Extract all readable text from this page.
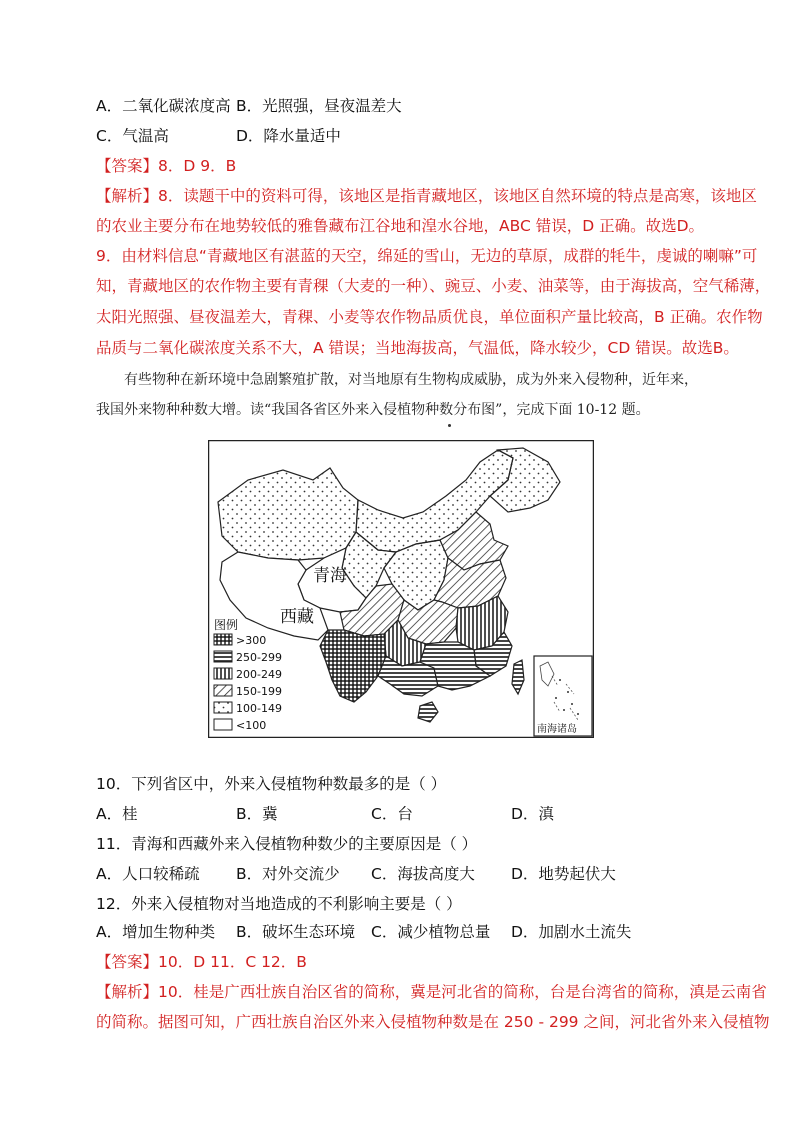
A．二氧化碳浓度高 B．光照强，昼夜温差大
C．气温高	D．降水量适中
【答案】8．D 9．B
【解析】8．读题干中的资料可得，该地区是指青藏地区，该地区自然环境的特点是高寒，该地区
的农业主要分布在地势较低的雅鲁藏布江谷地和湟水谷地，ABC 错误，D 正确。故选D。
9．由材料信息“青藏地区有湛蓝的天空，绵延的雪山，无边的草原，成群的牦牛，虔诚的喇嘛”可
知，青藏地区的农作物主要有青稞（大麦的一种）、豌豆、小麦、油菜等，由于海拔高，空气稀薄，
太阳光照强、昼夜温差大，青稞、小麦等农作物品质优良，单位面积产量比较高，B 正确。农作物
品质与二氧化碳浓度关系不大，A 错误；当地海拔高，气温低，降水较少，CD 错误。故选B。
有些物种在新环境中急剧繁殖扩散，对当地原有生物构成威胁，成为外来入侵物种，近年来，
我国外来物种种数大增。读“我国各省区外来入侵植物种数分布图”，完成下面 10-12 题。
青海
西藏
图例
>300
250-299
200-249
150-199
100-149
<100	南海诸岛
10．下列省区中，外来入侵植物种数最多的是（ ）
A．桂	B．冀	C．台	D．滇
11．青海和西藏外来入侵植物种数少的主要原因是（ ）
A．人口较稀疏 B．对外交流少 C．海拔高度大 D．地势起伏大
12．外来入侵植物对当地造成的不利影响主要是（ ）
A．增加生物种类 B．破坏生态环境 C．减少植物总量 D．加剧水土流失
【答案】10．D 11．C 12．B
【解析】10．桂是广西壮族自治区省的简称，冀是河北省的简称，台是台湾省的简称，滇是云南省
的简称。据图可知，广西壮族自治区外来入侵植物种数是在 250 - 299 之间，河北省外来入侵植物
